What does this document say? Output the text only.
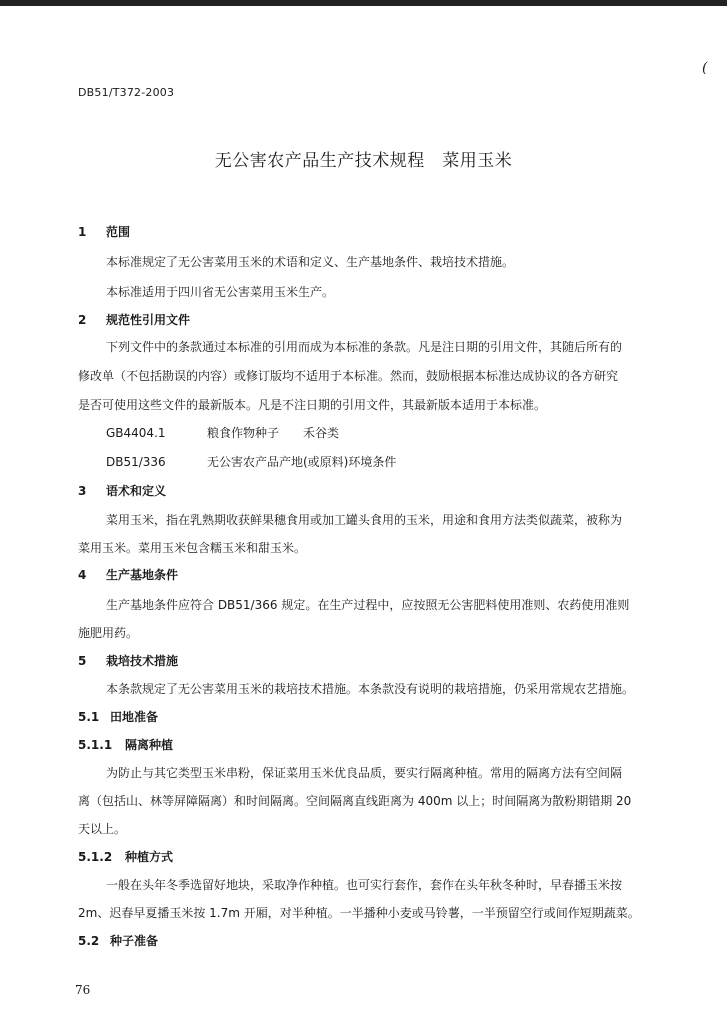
(
DB51/T372-2003
无公害农产品生产技术规程　菜用玉米
1 范围
本标准规定了无公害菜用玉米的术语和定义、生产基地条件、栽培技术措施。
本标准适用于四川省无公害菜用玉米生产。
2 规范性引用文件
下列文件中的条款通过本标准的引用而成为本标准的条款。凡是注日期的引用文件，其随后所有的
修改单（不包括勘误的内容）或修订版均不适用于本标准。然而，鼓励根据本标准达成协议的各方研究
是否可使用这些文件的最新版本。凡是不注日期的引用文件，其最新版本适用于本标准。
GB4404.1	粮食作物种子　　禾谷类
DB51/336	无公害农产品产地(或原料)环境条件
3 语术和定义
菜用玉米，指在乳熟期收获鲜果穗食用或加工罐头食用的玉米，用途和食用方法类似蔬菜，被称为
菜用玉米。菜用玉米包含糯玉米和甜玉米。
4 生产基地条件
生产基地条件应符合 DB51/366 规定。在生产过程中，应按照无公害肥料使用准则、农药使用准则
施肥用药。
5 栽培技术措施
本条款规定了无公害菜用玉米的栽培技术措施。本条款没有说明的栽培措施，仍采用常规农艺措施。
5.1 田地准备
5.1.1 隔离种植
为防止与其它类型玉米串粉，保证菜用玉米优良品质，要实行隔离种植。常用的隔离方法有空间隔
离（包括山、林等屏障隔离）和时间隔离。空间隔离直线距离为 400m 以上；时间隔离为散粉期错期 20
天以上。
5.1.2 种植方式
一般在头年冬季选留好地块，采取净作种植。也可实行套作，套作在头年秋冬种时，早春播玉米按
2m、迟春早夏播玉米按 1.7m 开厢，对半种植。一半播种小麦或马铃薯，一半预留空行或间作短期蔬菜。
5.2 种子准备
76
